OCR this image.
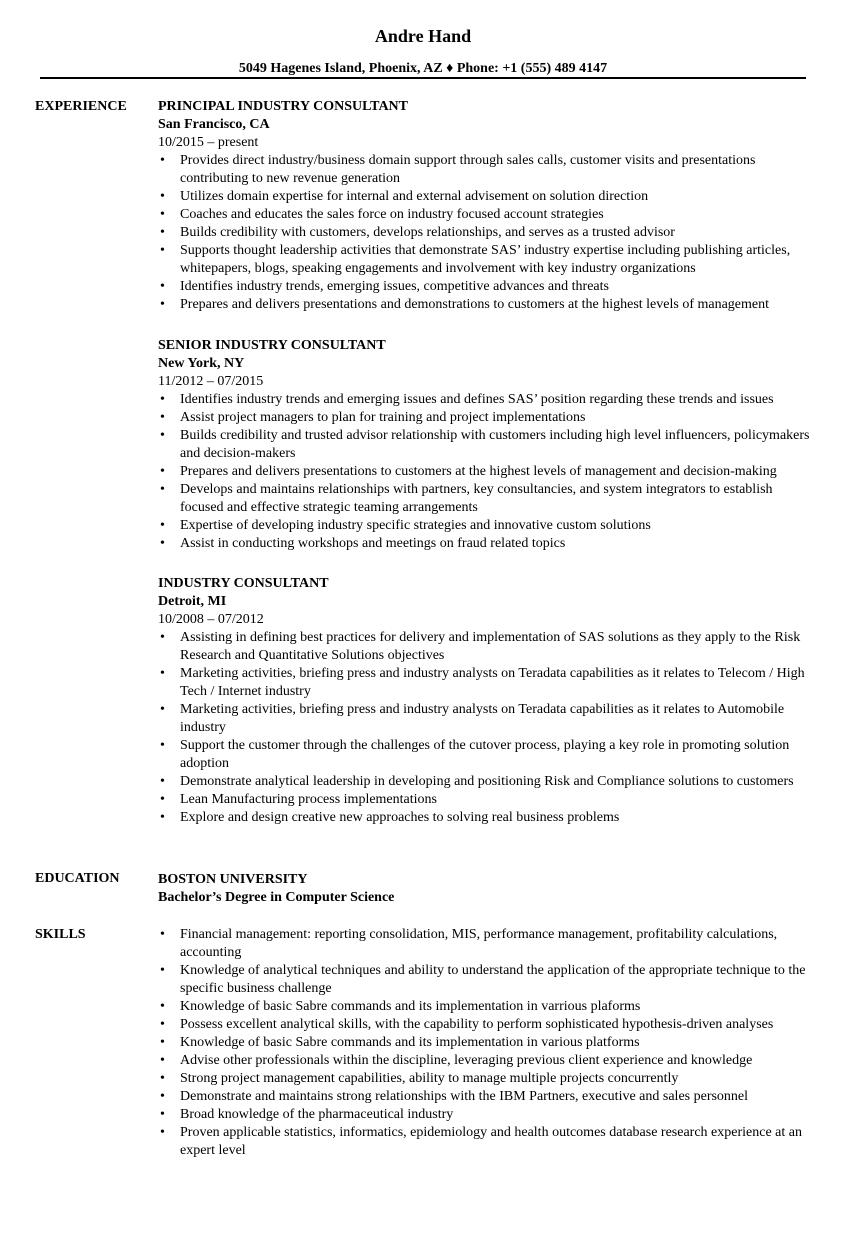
Andre Hand
5049 Hagenes Island, Phoenix, AZ ♦ Phone: +1 (555) 489 4147
EXPERIENCE PRINCIPAL INDUSTRY CONSULTANT
San Francisco, CA
10/2015 – present
• Provides direct industry/business domain support through sales calls, customer visits and presentations contributing to new revenue generation
• Utilizes domain expertise for internal and external advisement on solution direction
• Coaches and educates the sales force on industry focused account strategies
• Builds credibility with customers, develops relationships, and serves as a trusted advisor
• Supports thought leadership activities that demonstrate SAS’ industry expertise including publishing articles, whitepapers, blogs, speaking engagements and involvement with key industry organizations
• Identifies industry trends, emerging issues, competitive advances and threats
• Prepares and delivers presentations and demonstrations to customers at the highest levels of management
SENIOR INDUSTRY CONSULTANT
New York, NY
11/2012 – 07/2015
• Identifies industry trends and emerging issues and defines SAS’ position regarding these trends and issues
• Assist project managers to plan for training and project implementations
• Builds credibility and trusted advisor relationship with customers including high level influencers, policymakers and decision-makers
• Prepares and delivers presentations to customers at the highest levels of management and decision-making
• Develops and maintains relationships with partners, key consultancies, and system integrators to establish focused and effective strategic teaming arrangements
• Expertise of developing industry specific strategies and innovative custom solutions
• Assist in conducting workshops and meetings on fraud related topics
INDUSTRY CONSULTANT
Detroit, MI
10/2008 – 07/2012
• Assisting in defining best practices for delivery and implementation of SAS solutions as they apply to the Risk Research and Quantitative Solutions objectives
• Marketing activities, briefing press and industry analysts on Teradata capabilities as it relates to Telecom / High Tech / Internet industry
• Marketing activities, briefing press and industry analysts on Teradata capabilities as it relates to Automobile industry
• Support the customer through the challenges of the cutover process, playing a key role in promoting solution adoption
• Demonstrate analytical leadership in developing and positioning Risk and Compliance solutions to customers
• Lean Manufacturing process implementations
• Explore and design creative new approaches to solving real business problems
EDUCATION	BOSTON UNIVERSITY
Bachelor’s Degree in Computer Science
SKILLS	• Financial management: reporting consolidation, MIS, performance management, profitability calculations, accounting
• Knowledge of analytical techniques and ability to understand the application of the appropriate technique to the specific business challenge
• Knowledge of basic Sabre commands and its implementation in varrious plaforms
• Possess excellent analytical skills, with the capability to perform sophisticated hypothesis-driven analyses
• Knowledge of basic Sabre commands and its implementation in various platforms
• Advise other professionals within the discipline, leveraging previous client experience and knowledge
• Strong project management capabilities, ability to manage multiple projects concurrently
• Demonstrate and maintains strong relationships with the IBM Partners, executive and sales personnel
• Broad knowledge of the pharmaceutical industry
• Proven applicable statistics, informatics, epidemiology and health outcomes database research experience at an expert level
